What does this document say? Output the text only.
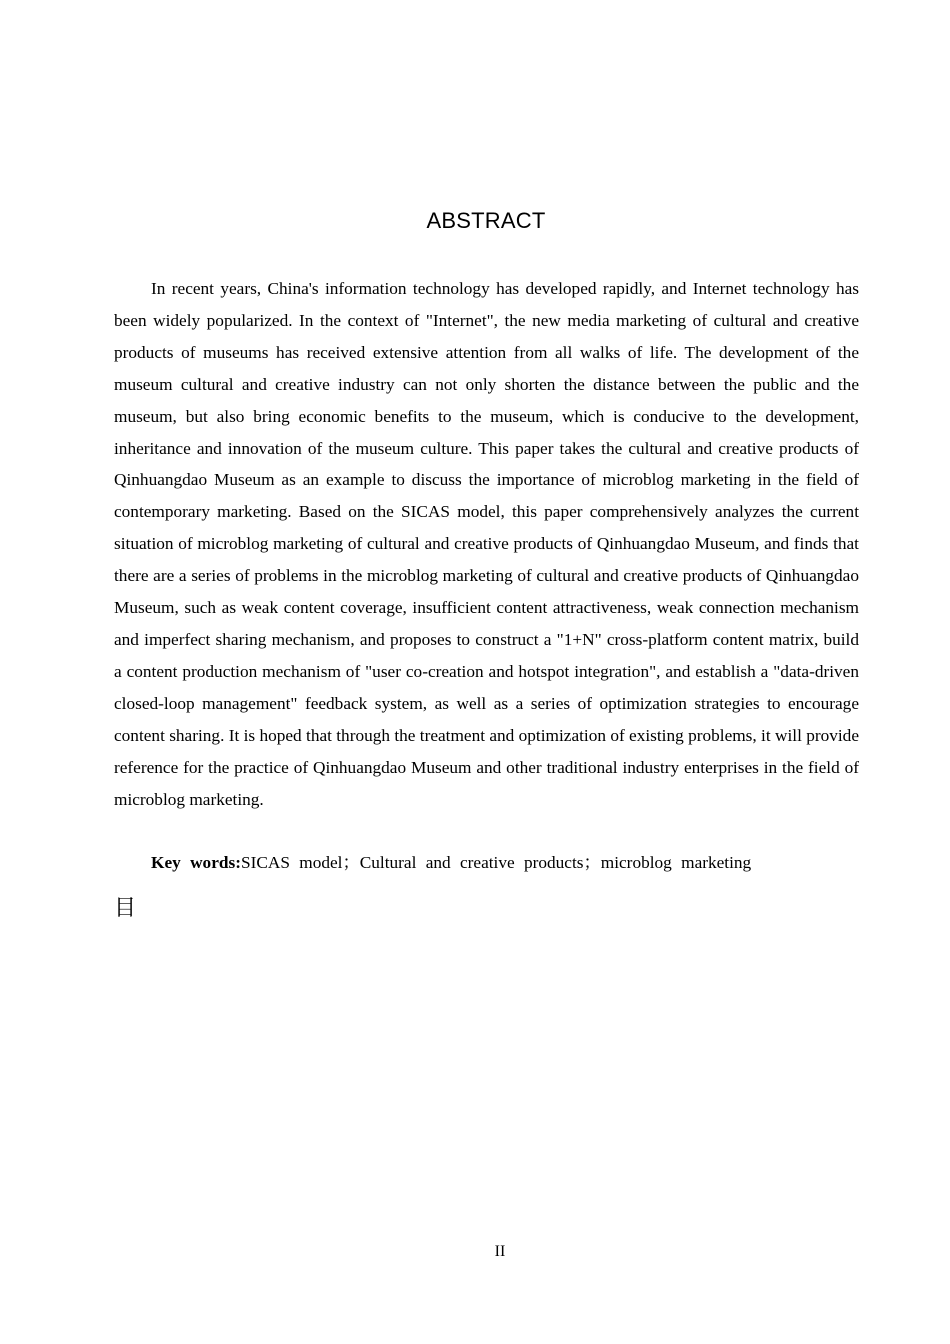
ABSTRACT

In recent years, China's information technology has developed rapidly, and Internet technology has been widely popularized. In the context of "Internet", the new media marketing of cultural and creative products of museums has received extensive attention from all walks of life. The development of the museum cultural and creative industry can not only shorten the distance between the public and the museum, but also bring economic benefits to the museum, which is conducive to the development, inheritance and innovation of the museum culture. This paper takes the cultural and creative products of Qinhuangdao Museum as an example to discuss the importance of microblog marketing in the field of contemporary marketing. Based on the SICAS model, this paper comprehensively analyzes the current situation of microblog marketing of cultural and creative products of Qinhuangdao Museum, and finds that there are a series of problems in the microblog marketing of cultural and creative products of Qinhuangdao Museum, such as weak content coverage, insufficient content attractiveness, weak connection mechanism and imperfect sharing mechanism, and proposes to construct a "1+N" cross-platform content matrix, build a content production mechanism of "user co-creation and hotspot integration", and establish a "data-driven closed-loop management" feedback system, as well as a series of optimization strategies to encourage content sharing. It is hoped that through the treatment and optimization of existing problems, it will provide reference for the practice of Qinhuangdao Museum and other traditional industry enterprises in the field of microblog marketing.

Key words:SICAS model；Cultural and creative products；microblog marketing

目
II
